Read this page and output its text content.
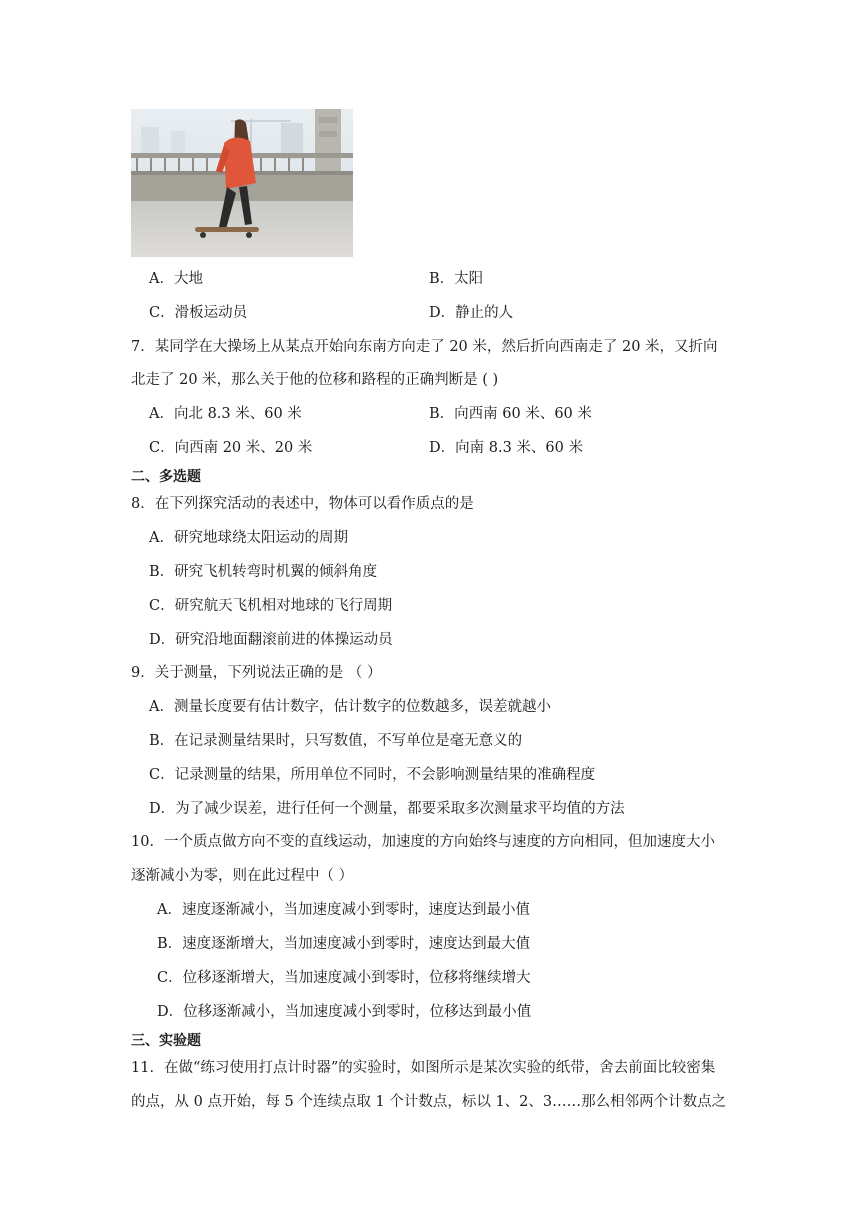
A．大地	B．太阳
C．滑板运动员	D．静止的人
7．某同学在大操场上从某点开始向东南方向走了 20 米，然后折向西南走了 20 米，又折向
北走了 20 米，那么关于他的位移和路程的正确判断是 ( )
A．向北 8.3 米、60 米	B．向西南 60 米、60 米
C．向西南 20 米、20 米	D．向南 8.3 米、60 米
二、多选题
8．在下列探究活动的表述中，物体可以看作质点的是
A．研究地球绕太阳运动的周期
B．研究飞机转弯时机翼的倾斜角度
C．研究航天飞机相对地球的飞行周期
D．研究沿地面翻滚前进的体操运动员
9．关于测量，下列说法正确的是 （ ）
A．测量长度要有估计数字，估计数字的位数越多，误差就越小
B．在记录测量结果时，只写数值，不写单位是毫无意义的
C．记录测量的结果，所用单位不同时，不会影响测量结果的准确程度
D．为了减少误差，进行任何一个测量，都要采取多次测量求平均值的方法
10．一个质点做方向不变的直线运动，加速度的方向始终与速度的方向相同，但加速度大小
逐渐减小为零，则在此过程中（ ）
A．速度逐渐减小，当加速度减小到零时，速度达到最小值
B．速度逐渐增大，当加速度减小到零时，速度达到最大值
C．位移逐渐增大，当加速度减小到零时，位移将继续增大
D．位移逐渐减小，当加速度减小到零时，位移达到最小值
三、实验题
11．在做“练习使用打点计时器”的实验时，如图所示是某次实验的纸带，舍去前面比较密集
的点，从 0 点开始，每 5 个连续点取 1 个计数点，标以 1、2、3……那么相邻两个计数点之
